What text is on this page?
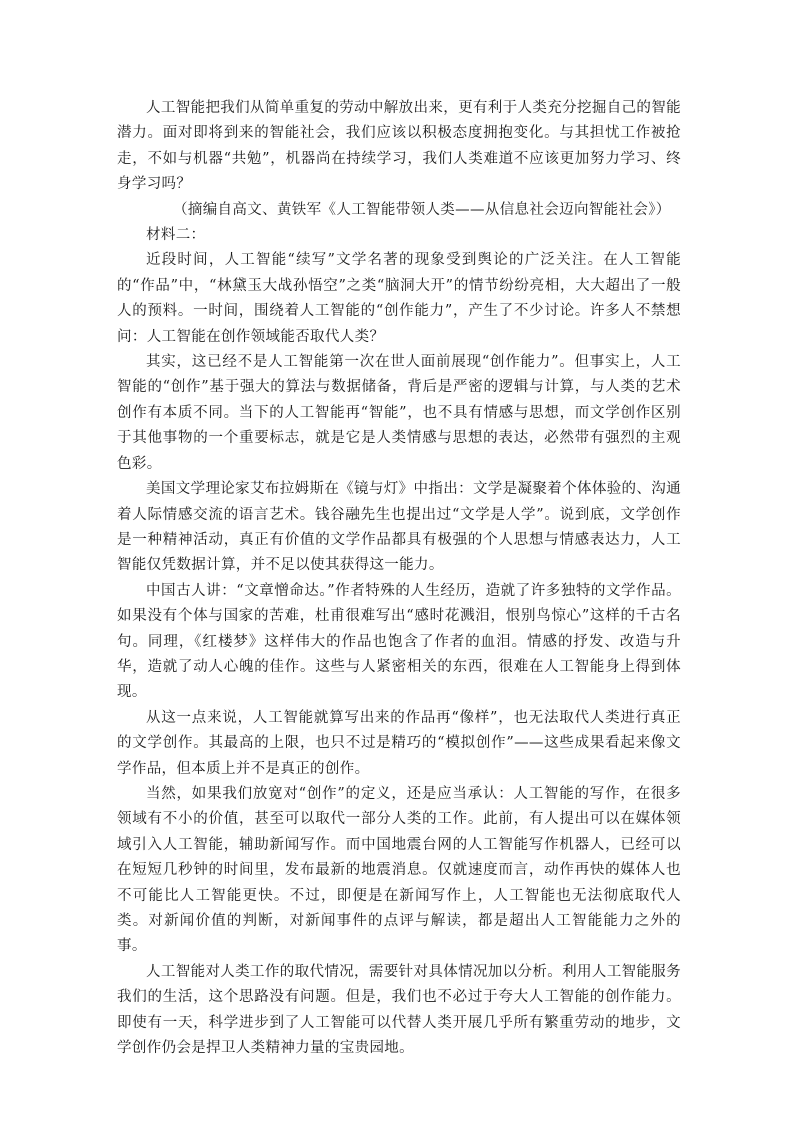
人工智能把我们从简单重复的劳动中解放出来，更有利于人类充分挖掘自己的智能潜力。面对即将到来的智能社会，我们应该以积极态度拥抱变化。与其担忧工作被抢走，不如与机器“共勉”，机器尚在持续学习，我们人类难道不应该更加努力学习、终身学习吗？

（摘编自高文、黄铁军《人工智能带领人类——从信息社会迈向智能社会》）

材料二：

近段时间，人工智能“续写”文学名著的现象受到舆论的广泛关注。在人工智能的“作品”中，“林黛玉大战孙悟空”之类“脑洞大开”的情节纷纷亮相，大大超出了一般人的预料。一时间，围绕着人工智能的“创作能力”，产生了不少讨论。许多人不禁想问：人工智能在创作领域能否取代人类？

其实，这已经不是人工智能第一次在世人面前展现“创作能力”。但事实上，人工智能的“创作”基于强大的算法与数据储备，背后是严密的逻辑与计算，与人类的艺术创作有本质不同。当下的人工智能再“智能”，也不具有情感与思想，而文学创作区别于其他事物的一个重要标志，就是它是人类情感与思想的表达，必然带有强烈的主观色彩。

美国文学理论家艾布拉姆斯在《镜与灯》中指出：文学是凝聚着个体体验的、沟通着人际情感交流的语言艺术。钱谷融先生也提出过“文学是人学”。说到底，文学创作是一种精神活动，真正有价值的文学作品都具有极强的个人思想与情感表达力，人工智能仅凭数据计算，并不足以使其获得这一能力。

中国古人讲：“文章憎命达。”作者特殊的人生经历，造就了许多独特的文学作品。如果没有个体与国家的苦难，杜甫很难写出“感时花溅泪，恨别鸟惊心”这样的千古名句。同理，《红楼梦》这样伟大的作品也饱含了作者的血泪。情感的抒发、改造与升华，造就了动人心魄的佳作。这些与人紧密相关的东西，很难在人工智能身上得到体现。

从这一点来说，人工智能就算写出来的作品再“像样”，也无法取代人类进行真正的文学创作。其最高的上限，也只不过是精巧的“模拟创作”——这些成果看起来像文学作品，但本质上并不是真正的创作。

当然，如果我们放宽对“创作”的定义，还是应当承认：人工智能的写作，在很多领域有不小的价值，甚至可以取代一部分人类的工作。此前，有人提出可以在媒体领域引入人工智能，辅助新闻写作。而中国地震台网的人工智能写作机器人，已经可以在短短几秒钟的时间里，发布最新的地震消息。仅就速度而言，动作再快的媒体人也不可能比人工智能更快。不过，即便是在新闻写作上，人工智能也无法彻底取代人类。对新闻价值的判断，对新闻事件的点评与解读，都是超出人工智能能力之外的事。

人工智能对人类工作的取代情况，需要针对具体情况加以分析。利用人工智能服务我们的生活，这个思路没有问题。但是，我们也不必过于夸大人工智能的创作能力。即使有一天，科学进步到了人工智能可以代替人类开展几乎所有繁重劳动的地步，文学创作仍会是捍卫人类精神力量的宝贵园地。
